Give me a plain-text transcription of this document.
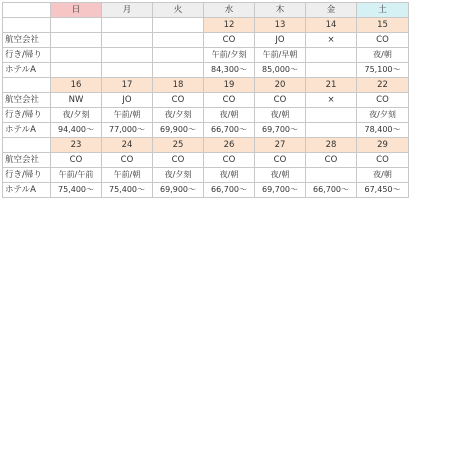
	日	月	火	水	木	金	土
				12	13	14	15
航空会社				CO	JO	×	CO
行き/帰り				午前/夕刻	午前/早朝		夜/朝
ホテルA				84,300～	85,000～		75,100～
	16	17	18	19	20	21	22
航空会社	NW	JO	CO	CO	CO	×	CO
行き/帰り	夜/夕刻	午前/朝	夜/夕刻	夜/朝	夜/朝		夜/夕刻
ホテルA	94,400～	77,000～	69,900～	66,700～	69,700～		78,400～
	23	24	25	26	27	28	29
航空会社	CO	CO	CO	CO	CO	CO	CO
行き/帰り	午前/午前	午前/朝	夜/夕刻	夜/朝	夜/朝		夜/朝
ホテルA	75,400～	75,400～	69,900～	66,700～	69,700～	66,700～	67,450～
